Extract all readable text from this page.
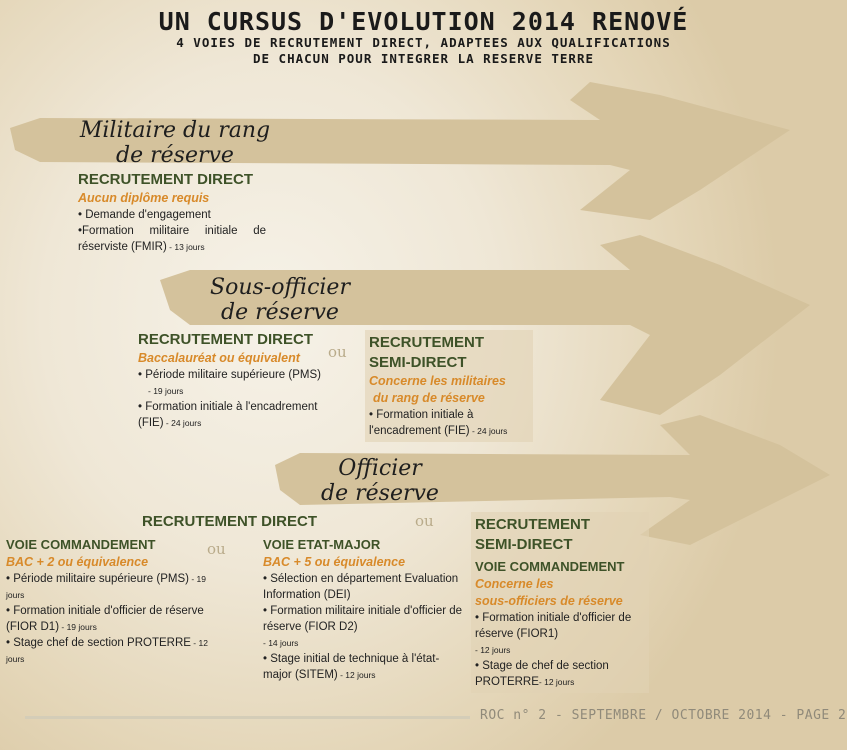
UN CURSUS D'EVOLUTION 2014 RENOVÉ
4 VOIES DE RECRUTEMENT DIRECT, ADAPTEES AUX QUALIFICATIONS
DE CHACUN POUR INTEGRER LA RESERVE TERRE
Militaire du rang
de réserve
RECRUTEMENT DIRECT
Aucun diplôme requis
• Demande d'engagement
•Formation militaire initiale de réserviste (FMIR) - 13 jours
Sous-officier
de réserve
RECRUTEMENT DIRECT
Baccalauréat ou équivalent
• Période militaire supérieure (PMS)
- 19 jours
• Formation initiale à l'encadrement (FIE) - 24 jours
ou
RECRUTEMENT
SEMI-DIRECT
Concerne les militaires
du rang de réserve
• Formation initiale à l'encadrement (FIE) - 24 jours
Officier
de réserve
RECRUTEMENT DIRECT	ou
VOIE COMMANDEMENT
BAC + 2 ou équivalence
• Période militaire supérieure (PMS) - 19 jours
• Formation initiale d'officier de réserve (FIOR D1) - 19 jours
• Stage chef de section PROTERRE - 12 jours
ou	VOIE ETAT-MAJOR
BAC + 5 ou équivalence
• Sélection en département Evaluation Information (DEI)
• Formation militaire initiale d'officier de réserve (FIOR D2)
- 14 jours
• Stage initial de technique à l'état-major (SITEM) - 12 jours
RECRUTEMENT
SEMI-DIRECT
VOIE COMMANDEMENT
Concerne les
sous-officiers de réserve
• Formation initiale d'officier de réserve (FIOR1)
- 12 jours
• Stage de chef de section PROTERRE- 12 jours
ROC n° 2 - SEPTEMBRE / OCTOBRE 2014 - PAGE 2
